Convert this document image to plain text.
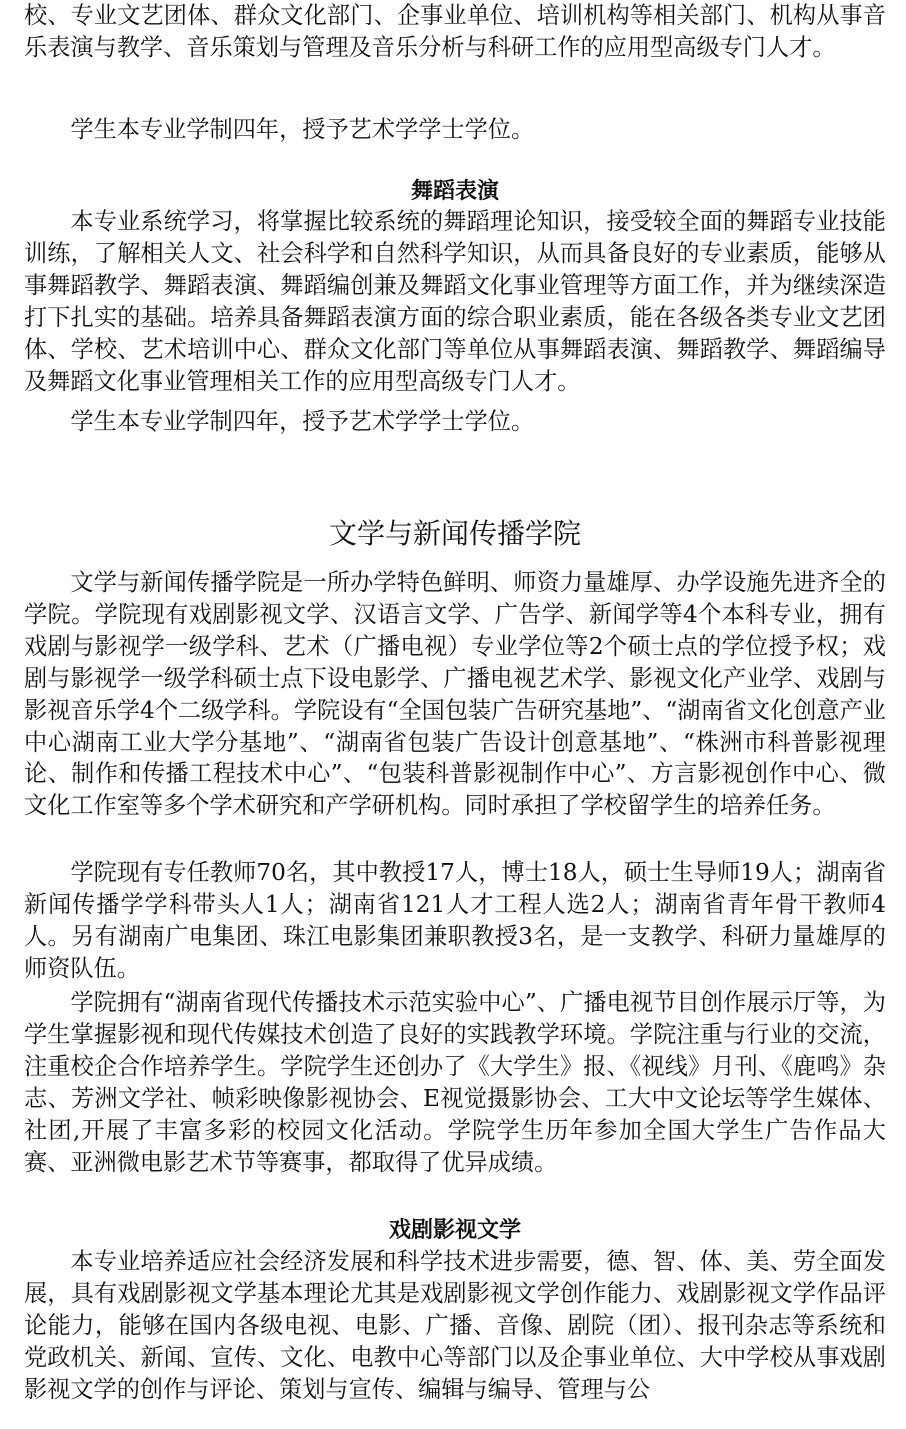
校、专业文艺团体、群众文化部门、企事业单位、培训机构等相关部门、机构从事音乐表演与教学、音乐策划与管理及音乐分析与科研工作的应用型高级专门人才。

学生本专业学制四年，授予艺术学学士学位。

舞蹈表演

本专业系统学习，将掌握比较系统的舞蹈理论知识，接受较全面的舞蹈专业技能训练，了解相关人文、社会科学和自然科学知识，从而具备良好的专业素质，能够从事舞蹈教学、舞蹈表演、舞蹈编创兼及舞蹈文化事业管理等方面工作，并为继续深造打下扎实的基础。培养具备舞蹈表演方面的综合职业素质，能在各级各类专业文艺团体、学校、艺术培训中心、群众文化部门等单位从事舞蹈表演、舞蹈教学、舞蹈编导及舞蹈文化事业管理相关工作的应用型高级专门人才。

学生本专业学制四年，授予艺术学学士学位。

文学与新闻传播学院

文学与新闻传播学院是一所办学特色鲜明、师资力量雄厚、办学设施先进齐全的学院。学院现有戏剧影视文学、汉语言文学、广告学、新闻学等4个本科专业，拥有戏剧与影视学一级学科、艺术（广播电视）专业学位等2个硕士点的学位授予权；戏剧与影视学一级学科硕士点下设电影学、广播电视艺术学、影视文化产业学、戏剧与影视音乐学4个二级学科。学院设有“全国包装广告研究基地”、“湖南省文化创意产业中心湖南工业大学分基地”、“湖南省包装广告设计创意基地”、“株洲市科普影视理论、制作和传播工程技术中心”、“包装科普影视制作中心”、方言影视创作中心、微文化工作室等多个学术研究和产学研机构。同时承担了学校留学生的培养任务。

学院现有专任教师70名，其中教授17人，博士18人，硕士生导师19人；湖南省新闻传播学学科带头人1人；湖南省121人才工程人选2人；湖南省青年骨干教师4人。另有湖南广电集团、珠江电影集团兼职教授3名，是一支教学、科研力量雄厚的师资队伍。

学院拥有“湖南省现代传播技术示范实验中心”、广播电视节目创作展示厅等，为学生掌握影视和现代传媒技术创造了良好的实践教学环境。学院注重与行业的交流，注重校企合作培养学生。学院学生还创办了《大学生》报、《视线》月刊、《鹿鸣》杂志、芳洲文学社、帧彩映像影视协会、E视觉摄影协会、工大中文论坛等学生媒体、社团,开展了丰富多彩的校园文化活动。学院学生历年参加全国大学生广告作品大赛、亚洲微电影艺术节等赛事，都取得了优异成绩。

戏剧影视文学

本专业培养适应社会经济发展和科学技术进步需要，德、智、体、美、劳全面发展，具有戏剧影视文学基本理论尤其是戏剧影视文学创作能力、戏剧影视文学作品评论能力，能够在国内各级电视、电影、广播、音像、剧院（团）、报刊杂志等系统和党政机关、新闻、宣传、文化、电教中心等部门以及企事业单位、大中学校从事戏剧影视文学的创作与评论、策划与宣传、编辑与编导、管理与公
